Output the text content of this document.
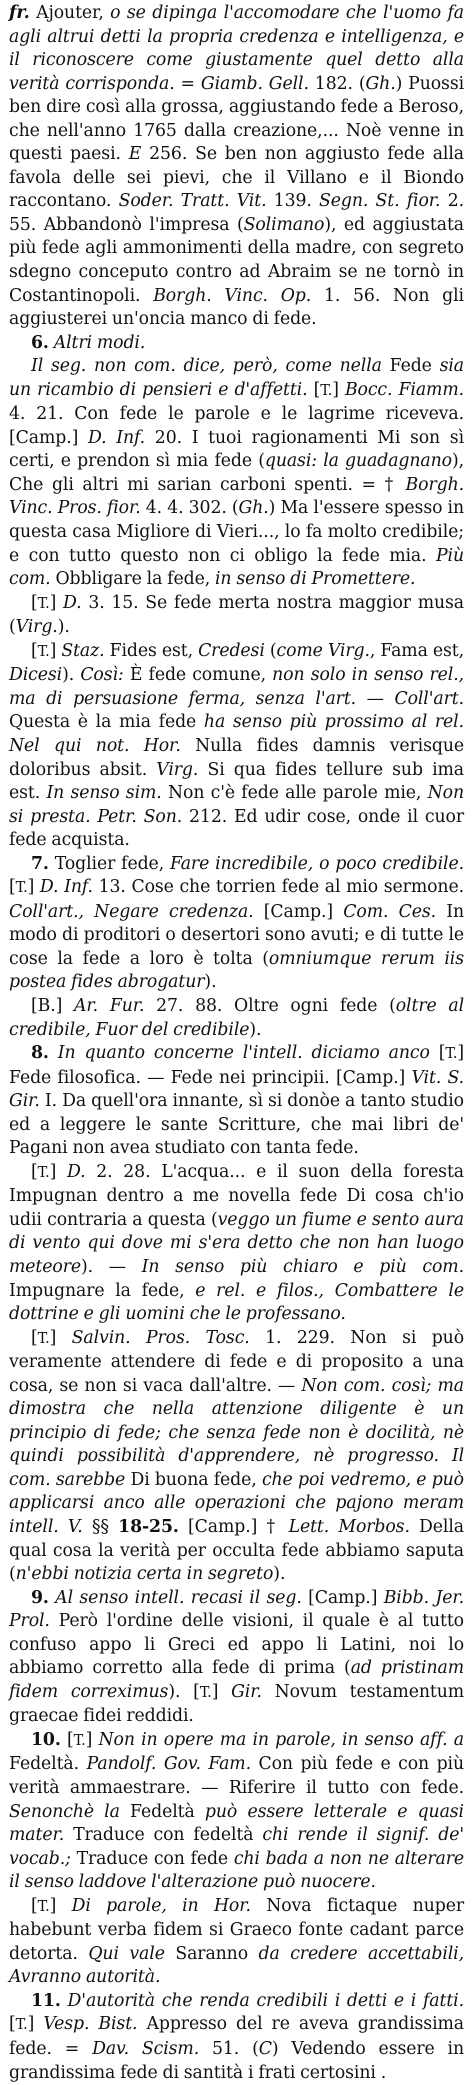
fr. Ajouter, o se dipinga l'accomodare che l'uomo fa agli altrui detti la propria credenza e intelligenza, e il riconoscere come giustamente quel detto alla verità corrisponda. = Giamb. Gell. 182. (Gh.) Puossi ben dire così alla grossa, aggiustando fede a Beroso, che nell'anno 1765 dalla creazione,... Noè venne in questi paesi. E 256. Se ben non aggiusto fede alla favola delle sei pievi, che il Villano e il Biondo raccontano. Soder. Tratt. Vit. 139. Segn. St. fior. 2. 55. Abbandonò l'impresa (Solimano), ed aggiustata più fede agli ammonimenti della madre, con segreto sdegno conceputo contro ad Abraim se ne tornò in Costantinopoli. Borgh. Vinc. Op. 1. 56. Non gli aggiusterei un'oncia manco di fede.

6. Altri modi.

Il seg. non com. dice, però, come nella Fede sia un ricambio di pensieri e d'affetti. [T.] Bocc. Fiamm. 4. 21. Con fede le parole e le lagrime riceveva. [Camp.] D. Inf. 20. I tuoi ragionamenti Mi son sì certi, e prendon sì mia fede (quasi: la guadagnano), Che gli altri mi sarian carboni spenti. = † Borgh. Vinc. Pros. fior. 4. 4. 302. (Gh.) Ma l'essere spesso in questa casa Migliore di Vieri..., lo fa molto credibile; e con tutto questo non ci obligo la fede mia. Più com. Obbligare la fede, in senso di Promettere.

[T.] D. 3. 15. Se fede merta nostra maggior musa (Virg.).

[T.] Staz. Fides est, Credesi (come Virg., Fama est, Dicesi). Così: È fede comune, non solo in senso rel., ma di persuasione ferma, senza l'art. — Coll'art. Questa è la mia fede ha senso più prossimo al rel. Nel qui not. Hor. Nulla fides damnis verisque doloribus absit. Virg. Si qua fides tellure sub ima est. In senso sim. Non c'è fede alle parole mie, Non si presta. Petr. Son. 212. Ed udir cose, onde il cuor fede acquista.

7. Toglier fede, Fare incredibile, o poco credibile. [T.] D. Inf. 13. Cose che torrien fede al mio sermone. Coll'art., Negare credenza. [Camp.] Com. Ces. In modo di proditori o desertori sono avuti; e di tutte le cose la fede a loro è tolta (omniumque rerum iis postea fides abrogatur).

[B.] Ar. Fur. 27. 88. Oltre ogni fede (oltre al credibile, Fuor del credibile).

8. In quanto concerne l'intell. diciamo anco [T.] Fede filosofica. — Fede nei principii. [Camp.] Vit. S. Gir. I. Da quell'ora innante, sì si donòe a tanto studio ed a leggere le sante Scritture, che mai libri de' Pagani non avea studiato con tanta fede.

[T.] D. 2. 28. L'acqua... e il suon della foresta Impugnan dentro a me novella fede Di cosa ch'io udii contraria a questa (veggo un fiume e sento aura di vento qui dove mi s'era detto che non han luogo meteore). — In senso più chiaro e più com. Impugnare la fede, e rel. e filos., Combattere le dottrine e gli uomini che le professano.

[T.] Salvin. Pros. Tosc. 1. 229. Non si può veramente attendere di fede e di proposito a una cosa, se non si vaca dall'altre. — Non com. così; ma dimostra che nella attenzione diligente è un principio di fede; che senza fede non è docilità, nè quindi possibilità d'apprendere, nè progresso. Il com. sarebbe Di buona fede, che poi vedremo, e può applicarsi anco alle operazioni che pajono meram intell. V. §§ 18-25. [Camp.] † Lett. Morbos. Della qual cosa la verità per occulta fede abbiamo saputa (n'ebbi notizia certa in segreto).

9. Al senso intell. recasi il seg. [Camp.] Bibb. Jer. Prol. Però l'ordine delle visioni, il quale è al tutto confuso appo li Greci ed appo li Latini, noi lo abbiamo corretto alla fede di prima (ad pristinam fidem correximus). [T.] Gir. Novum testamentum graecae fidei reddidi.

10. [T.] Non in opere ma in parole, in senso aff. a Fedeltà. Pandolf. Gov. Fam. Con più fede e con più verità ammaestrare. — Riferire il tutto con fede. Senonchè la Fedeltà può essere letterale e quasi mater. Traduce con fedeltà chi rende il signif. de' vocab.; Traduce con fede chi bada a non ne alterare il senso laddove l'alterazione può nuocere.

[T.] Di parole, in Hor. Nova fictaque nuper habebunt verba fidem si Graeco fonte cadant parce detorta. Qui vale Saranno da credere accettabili, Avranno autorità.

11. D'autorità che renda credibili i detti e i fatti. [T.] Vesp. Bist. Appresso del re aveva grandissima fede. = Dav. Scism. 51. (C) Vedendo essere in grandissima fede di santità i frati certosini .
